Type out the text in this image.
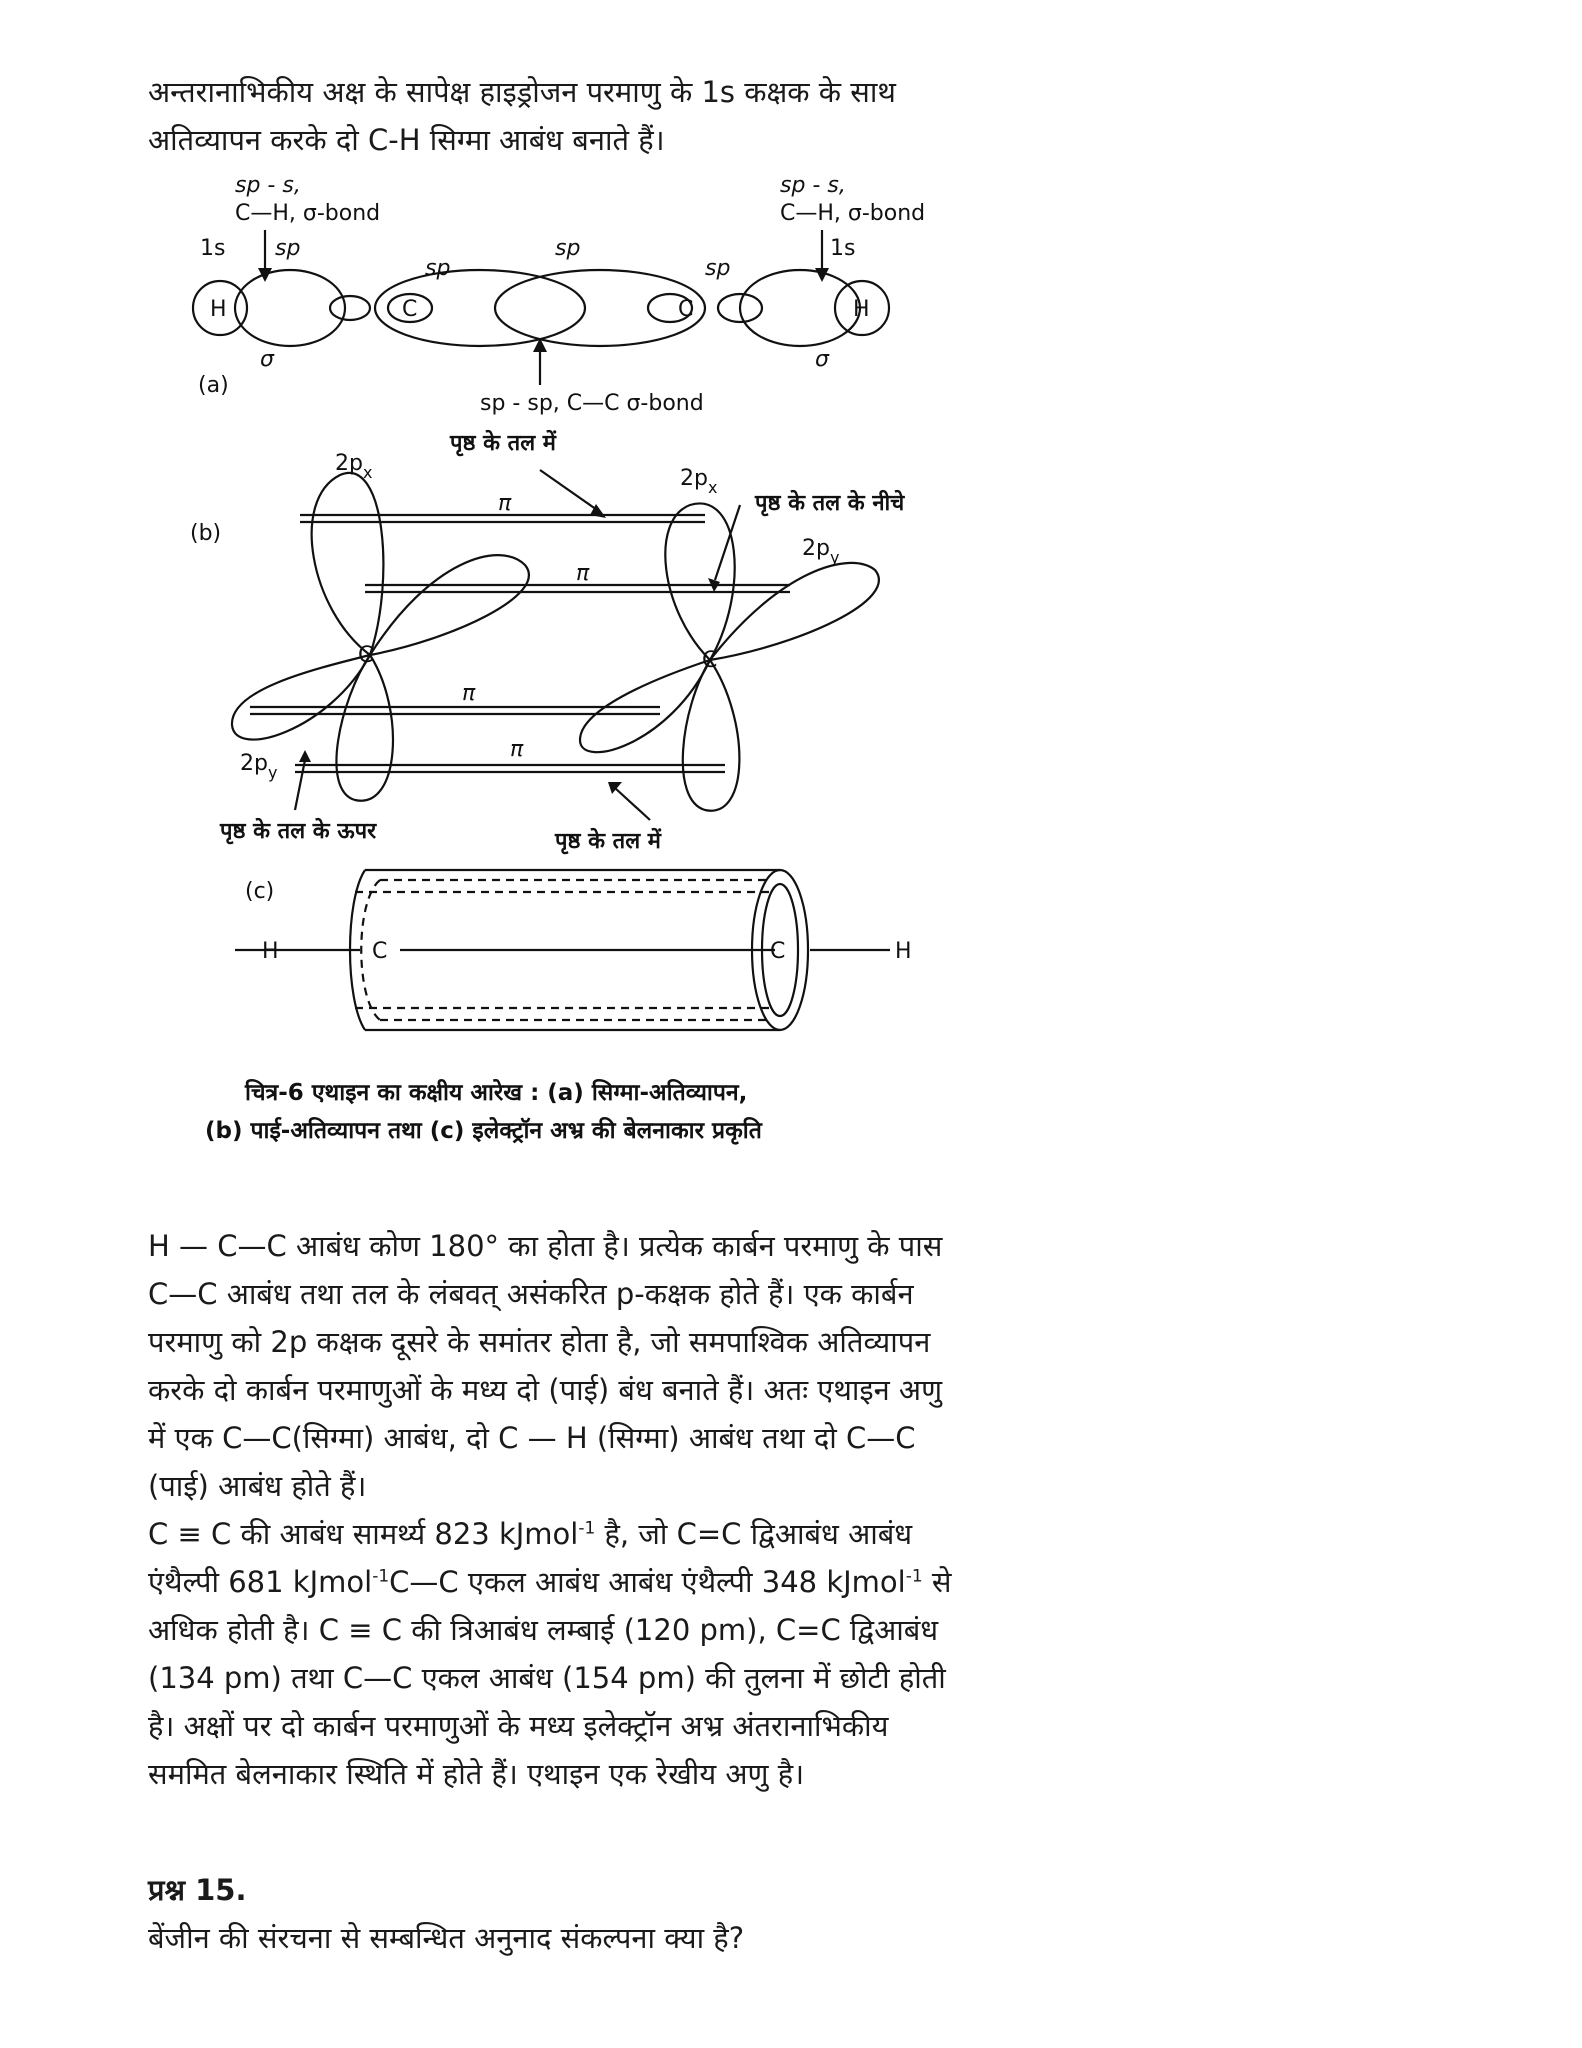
अन्तरानाभिकीय अक्ष के सापेक्ष हाइड्रोजन परमाणु के 1s कक्षक के साथ
अतिव्यापन करके दो C-H सिग्मा आबंध बनाते हैं।

sp - s,
C—H, σ-bond
sp - s,
C—H, σ-bond
1s	1s
sp
sp
sp
sp
H	H
C	C
σ	σ
(a)
sp - sp, C—C σ-bond
पृष्ठ के तल में
पृष्ठ के तल के नीचे
(b)
$2p_x$	$2p_x$
$2p_y$
$2p_y$
π
π
π
π
C	C
पृष्ठ के तल के ऊपर	पृष्ठ के तल में
(c)
H	C	C	H
चित्र-6 एथाइन का कक्षीय आरेख : (a) सिग्मा-अतिव्यापन,
(b) पाई-अतिव्यापन तथा (c) इलेक्ट्रॉन अभ्र की बेलनाकार प्रकृति

H — C—C आबंध कोण 180° का होता है। प्रत्येक कार्बन परमाणु के पास
C—C आबंध तथा तल के लंबवत् असंकरित p-कक्षक होते हैं। एक कार्बन
परमाणु को 2p कक्षक दूसरे के समांतर होता है, जो समपाश्विक अतिव्यापन
करके दो कार्बन परमाणुओं के मध्य दो (पाई) बंध बनाते हैं। अतः एथाइन अणु
में एक C—C(सिग्मा) आबंध, दो C — H (सिग्मा) आबंध तथा दो C—C
(पाई) आबंध होते हैं।
C ≡ C की आबंध सामर्थ्य 823 kJmol$^{-1}$ है, जो C=C द्विआबंध आबंध
एंथैल्पी 681 kJmol$^{-1}$C—C एकल आबंध आबंध एंथैल्पी 348 kJmol$^{-1}$ से
अधिक होती है। C ≡ C की त्रिआबंध लम्बाई (120 pm), C=C द्विआबंध
(134 pm) तथा C—C एकल आबंध (154 pm) की तुलना में छोटी होती
है। अक्षों पर दो कार्बन परमाणुओं के मध्य इलेक्ट्रॉन अभ्र अंतरानाभिकीय
सममित बेलनाकार स्थिति में होते हैं। एथाइन एक रेखीय अणु है।

प्रश्न 15.

बेंजीन की संरचना से सम्बन्धित अनुनाद संकल्पना क्या है?
